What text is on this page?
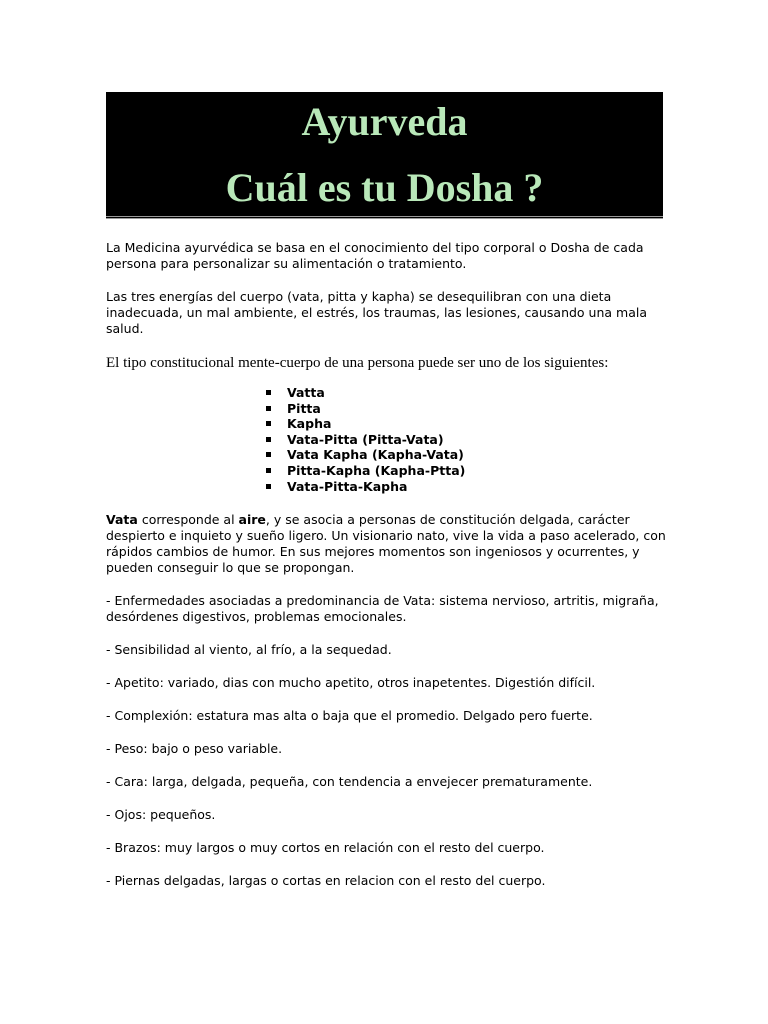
Ayurveda
Cuál es tu Dosha ?

La Medicina ayurvédica se basa en el conocimiento del tipo corporal o Dosha de cada persona para personalizar su alimentación o tratamiento.

Las tres energías del cuerpo (vata, pitta y kapha) se desequilibran con una dieta inadecuada, un mal ambiente, el estrés, los traumas, las lesiones, causando una mala salud.

El tipo constitucional mente-cuerpo de una persona puede ser uno de los siguientes:

Vatta
Pitta
Kapha
Vata-Pitta (Pitta-Vata)
Vata Kapha (Kapha-Vata)
Pitta-Kapha (Kapha-Ptta)
Vata-Pitta-Kapha

Vata corresponde al aire, y se asocia a personas de constitución delgada, carácter despierto e inquieto y sueño ligero. Un visionario nato, vive la vida a paso acelerado, con rápidos cambios de humor. En sus mejores momentos son ingeniosos y ocurrentes, y pueden conseguir lo que se propongan.

- Enfermedades asociadas a predominancia de Vata: sistema nervioso, artritis, migraña, desórdenes digestivos, problemas emocionales.

- Sensibilidad al viento, al frío, a la sequedad.

- Apetito: variado, dias con mucho apetito, otros inapetentes. Digestión difícil.

- Complexión: estatura mas alta o baja que el promedio. Delgado pero fuerte.

- Peso: bajo o peso variable.

- Cara: larga, delgada, pequeña, con tendencia a envejecer prematuramente.

- Ojos: pequeños.

- Brazos: muy largos o muy cortos en relación con el resto del cuerpo.

- Piernas delgadas, largas o cortas en relacion con el resto del cuerpo.
